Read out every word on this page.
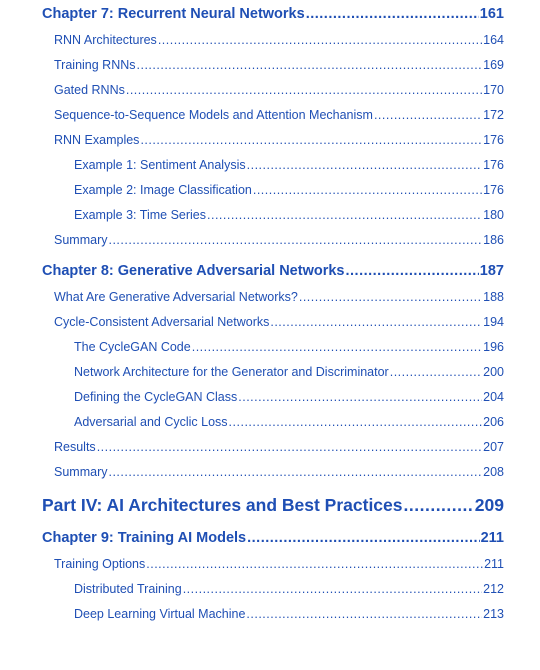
Chapter 7: Recurrent Neural Networks .....	161
RNN Architectures .....	164
Training RNNs .....	169
Gated RNNs .....	170
Sequence-to-Sequence Models and Attention Mechanism .....	172
RNN Examples .....	176
Example 1: Sentiment Analysis .....	176
Example 2: Image Classification .....	176
Example 3: Time Series .....	180
Summary .....	186
Chapter 8: Generative Adversarial Networks .....	187
What Are Generative Adversarial Networks? .....	188
Cycle-Consistent Adversarial Networks .....	194
The CycleGAN Code .....	196
Network Architecture for the Generator and Discriminator .....	200
Defining the CycleGAN Class .....	204
Adversarial and Cyclic Loss .....	206
Results .....	207
Summary .....	208
Part IV: AI Architectures and Best Practices .....	209
Chapter 9: Training AI Models .....	211
Training Options .....	211
Distributed Training .....	212
Deep Learning Virtual Machine .....	213
